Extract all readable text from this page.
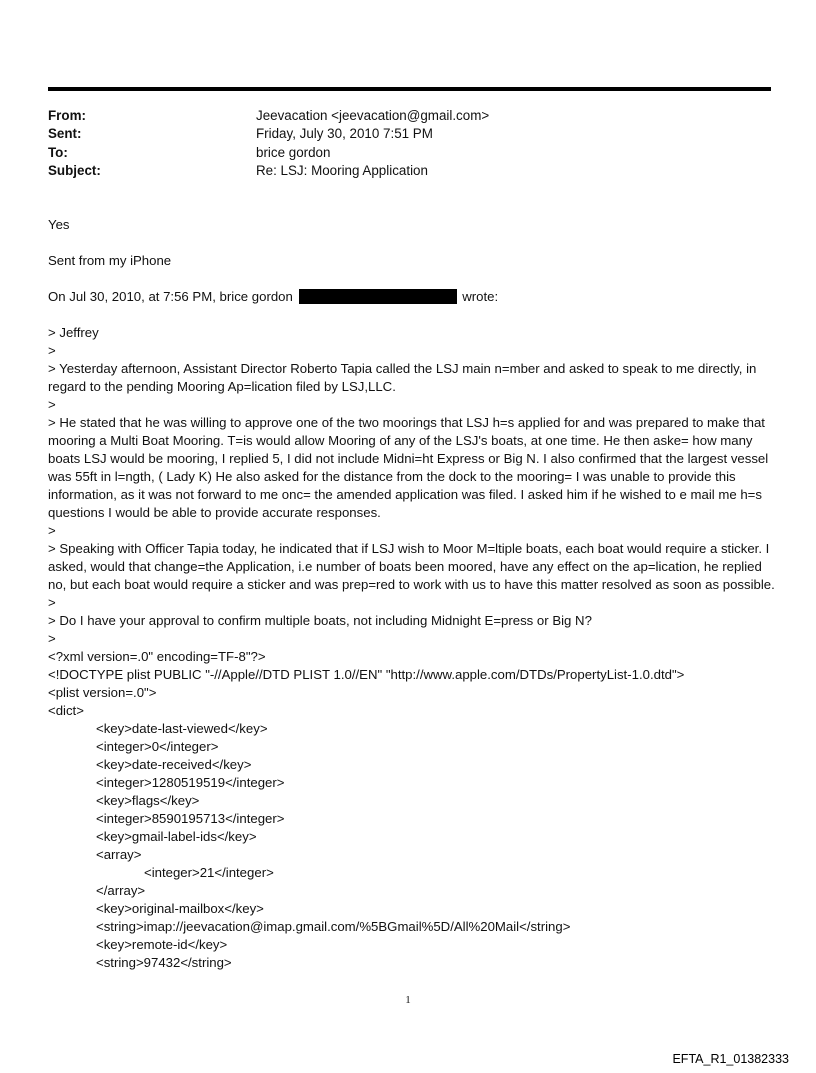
From:	Jeevacation <jeevacation@gmail.com>
Sent:	Friday, July 30, 2010 7:51 PM
To:	brice gordon
Subject:	Re: LSJ: Mooring Application

Yes

Sent from my iPhone

On Jul 30, 2010, at 7:56 PM, brice gordon	wrote:

> Jeffrey

>

> Yesterday afternoon, Assistant Director Roberto Tapia called the LSJ main n=mber and asked to speak to me directly, in regard to the pending Mooring Ap=lication filed by LSJ,LLC.

>

> He stated that he was willing to approve one of the two moorings that LSJ h=s applied for and was prepared to make that mooring a Multi Boat Mooring. T=is would allow Mooring of any of the LSJ's boats, at one time. He then aske= how many boats LSJ would be mooring, I replied 5, I did not include Midni=ht Express or Big N. I also confirmed that the largest vessel was 55ft in l=ngth, ( Lady K) He also asked for the distance from the dock to the mooring= I was unable to provide this information, as it was not forward to me onc= the amended application was filed. I asked him if he wished to e mail me h=s questions I would be able to provide accurate responses.

>

> Speaking with Officer Tapia today, he indicated that if LSJ wish to Moor M=ltiple boats, each boat would require a sticker. I asked, would that change=the Application, i.e number of boats been moored, have any effect on the ap=lication, he replied no, but each boat would require a sticker and was prep=red to work with us to have this matter resolved as soon as possible.

>

> Do I have your approval to confirm multiple boats, not including Midnight E=press or Big N?

>

<?xml version=.0" encoding=TF-8"?>

<!DOCTYPE plist PUBLIC "-//Apple//DTD PLIST 1.0//EN" "http://www.apple.com/DTDs/PropertyList-1.0.dtd">

<plist version=.0">

<dict>

<key>date-last-viewed</key>

<integer>0</integer>

<key>date-received</key>

<integer>1280519519</integer>

<key>flags</key>

<integer>8590195713</integer>

<key>gmail-label-ids</key>

<array>

<integer>21</integer>

</array>

<key>original-mailbox</key>

<string>imap://jeevacation@imap.gmail.com/%5BGmail%5D/All%20Mail</string>

<key>remote-id</key>

<string>97432</string>

1
EFTA_R1_01382333
